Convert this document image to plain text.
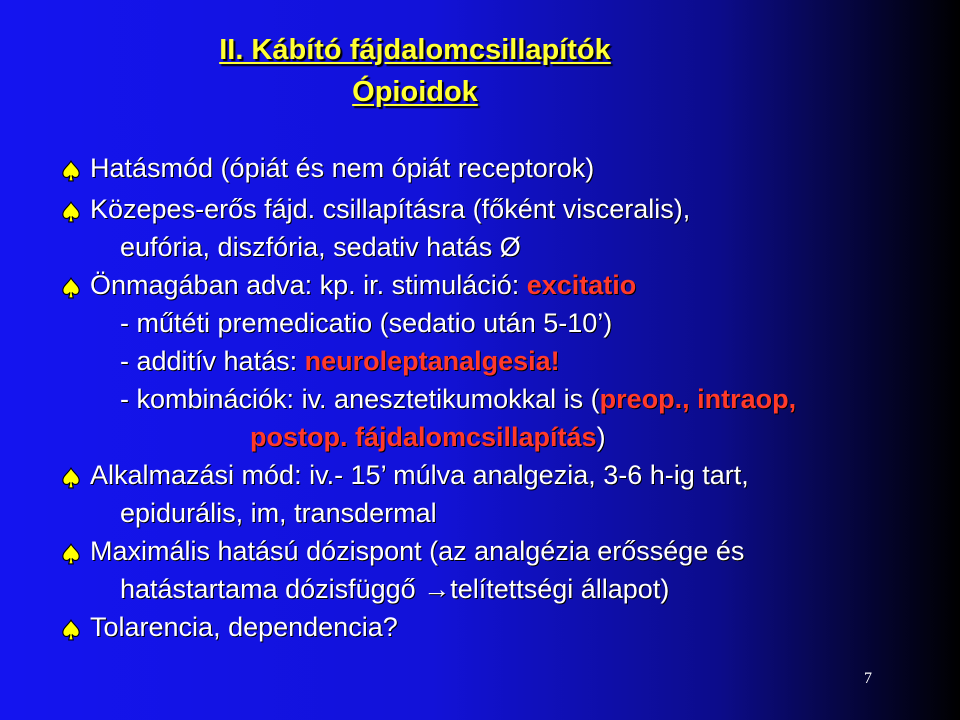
II. Kábító fájdalomcsillapítók
Ópioidok
Hatásmód (ópiát és nem ópiát receptorok)
Közepes-erős fájd. csillapításra (főként visceralis),
eufória, diszfória, sedativ hatás Ø
Önmagában adva: kp. ir. stimuláció: excitatio
- műtéti premedicatio (sedatio után 5-10’)
- additív hatás: neuroleptanalgesia!
- kombinációk: iv. anesztetikumokkal is (preop., intraop,
postop. fájdalomcsillapítás)
Alkalmazási mód: iv.- 15’ múlva analgezia, 3-6 h-ig tart,
epidurális, im, transdermal
Maximális hatású dózispont (az analgézia erőssége és
hatástartama dózisfüggő →telítettségi állapot)
Tolarencia, dependencia?
7
